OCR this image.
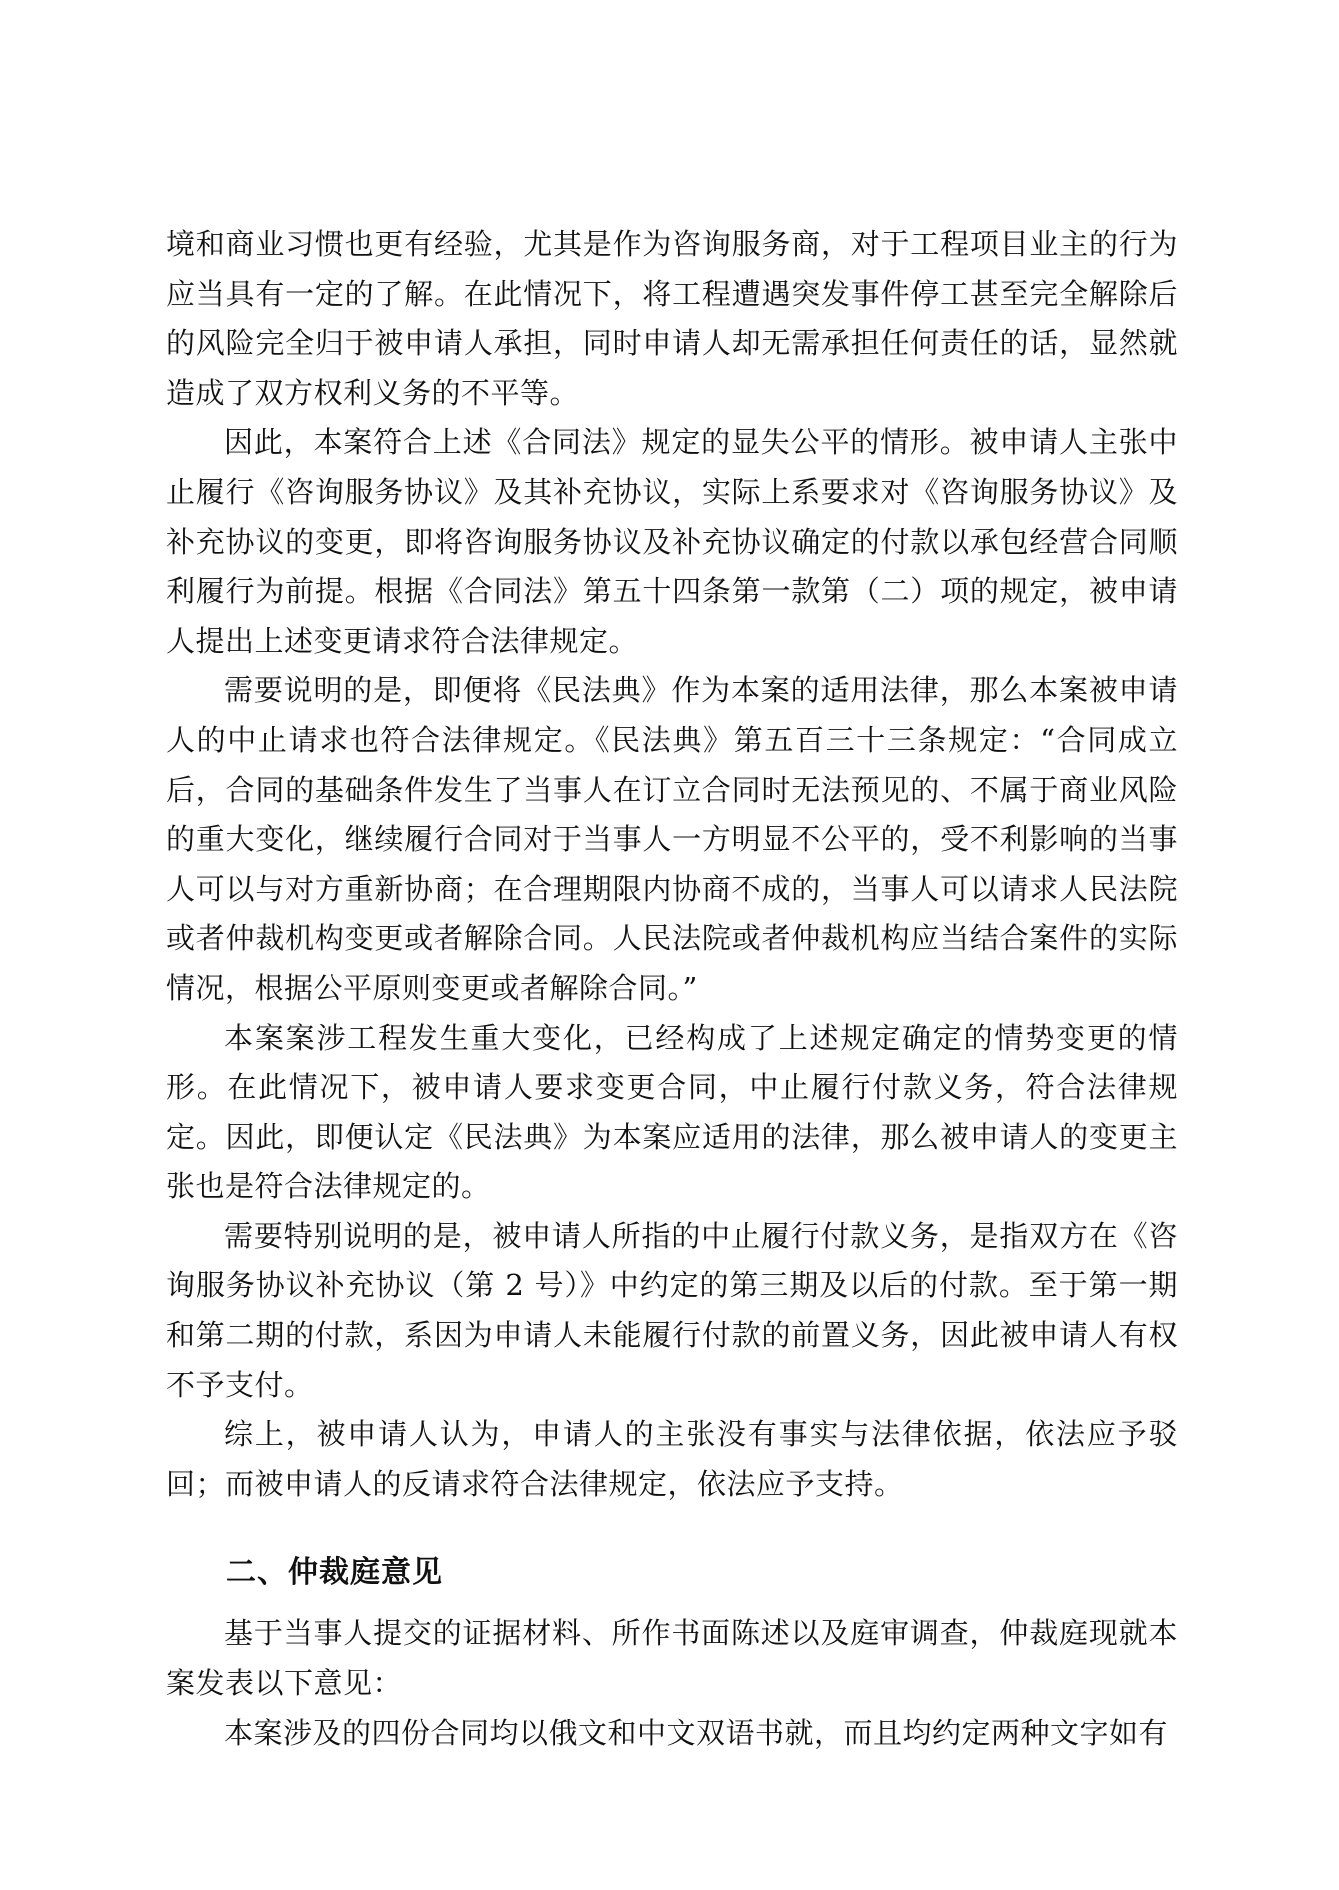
境和商业习惯也更有经验，尤其是作为咨询服务商，对于工程项目业主的行为应当具有一定的了解。在此情况下，将工程遭遇突发事件停工甚至完全解除后的风险完全归于被申请人承担，同时申请人却无需承担任何责任的话，显然就造成了双方权利义务的不平等。

因此，本案符合上述《合同法》规定的显失公平的情形。被申请人主张中止履行《咨询服务协议》及其补充协议，实际上系要求对《咨询服务协议》及补充协议的变更，即将咨询服务协议及补充协议确定的付款以承包经营合同顺利履行为前提。根据《合同法》第五十四条第一款第（二）项的规定，被申请人提出上述变更请求符合法律规定。

需要说明的是，即便将《民法典》作为本案的适用法律，那么本案被申请人的中止请求也符合法律规定。《民法典》第五百三十三条规定：“合同成立后，合同的基础条件发生了当事人在订立合同时无法预见的、不属于商业风险的重大变化，继续履行合同对于当事人一方明显不公平的，受不利影响的当事人可以与对方重新协商；在合理期限内协商不成的，当事人可以请求人民法院或者仲裁机构变更或者解除合同。人民法院或者仲裁机构应当结合案件的实际情况，根据公平原则变更或者解除合同。”

本案案涉工程发生重大变化，已经构成了上述规定确定的情势变更的情形。在此情况下，被申请人要求变更合同，中止履行付款义务，符合法律规定。因此，即便认定《民法典》为本案应适用的法律，那么被申请人的变更主张也是符合法律规定的。

需要特别说明的是，被申请人所指的中止履行付款义务，是指双方在《咨询服务协议补充协议（第 2 号）》中约定的第三期及以后的付款。至于第一期和第二期的付款，系因为申请人未能履行付款的前置义务，因此被申请人有权不予支付。

综上，被申请人认为，申请人的主张没有事实与法律依据，依法应予驳回；而被申请人的反请求符合法律规定，依法应予支持。

二、仲裁庭意见

基于当事人提交的证据材料、所作书面陈述以及庭审调查，仲裁庭现就本案发表以下意见：

本案涉及的四份合同均以俄文和中文双语书就，而且均约定两种文字如有
